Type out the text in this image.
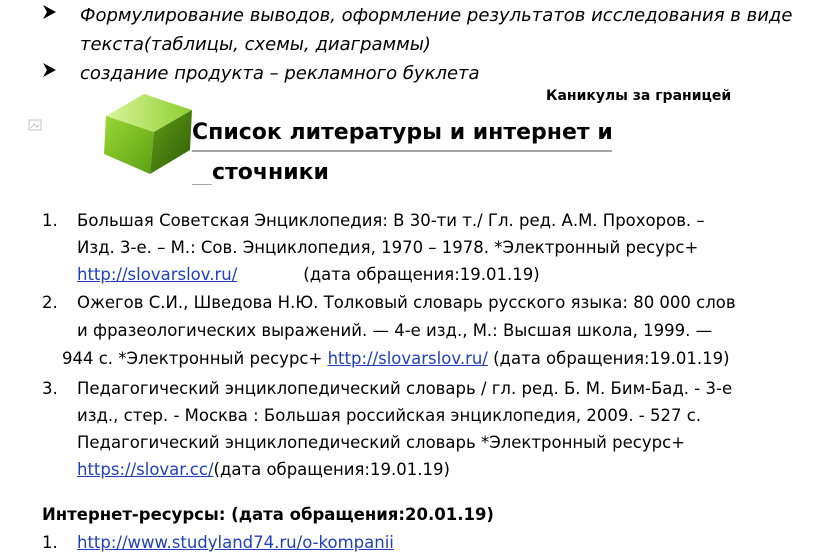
Формулирование выводов, оформление результатов исследования в виде
текста(таблицы, схемы, диаграммы)
создание продукта – рекламного буклета
Каникулы за границей
Список литературы и интернет и
сточники
1. Большая Советская Энциклопедия: В 30-ти т./ Гл. ред. А.М. Прохоров. –
Изд. 3-е. – М.: Сов. Энциклопедия, 1970 – 1978. *Электронный ресурс+
http://slovarslov.ru/	(дата обращения:19.01.19)
2. Ожегов С.И., Шведова Н.Ю. Толковый словарь русского языка: 80 000 слов
и фразеологических выражений. — 4-е изд., М.: Высшая школа, 1999. —
944 с. *Электронный ресурс+ http://slovarslov.ru/ (дата обращения:19.01.19)
3. Педагогический энциклопедический словарь / гл. ред. Б. М. Бим-Бад. - 3-е
изд., стер. - Москва : Большая российская энциклопедия, 2009. - 527 с.
Педагогический энциклопедический словарь *Электронный ресурс+
https://slovar.cc/(дата обращения:19.01.19)
Интернет-ресурсы: (дата обращения:20.01.19)
1. http://www.studyland74.ru/o-kompanii
